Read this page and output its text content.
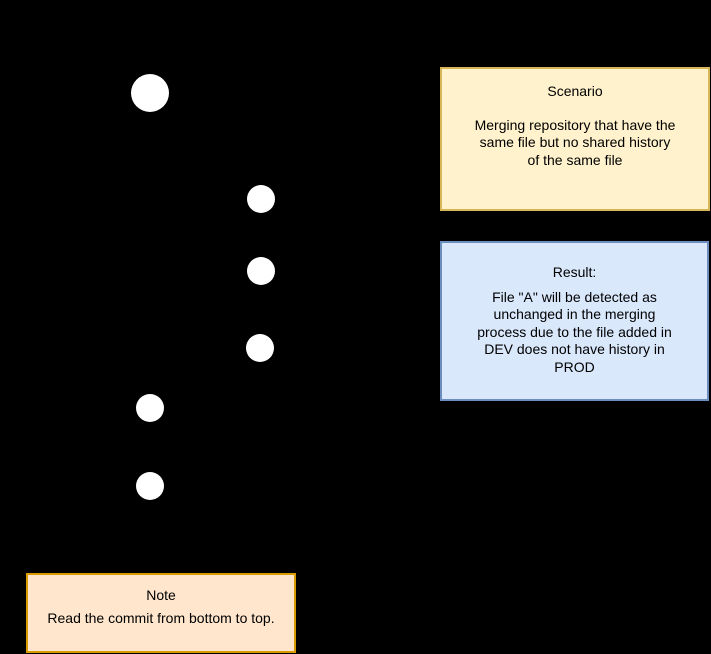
Scenario
Merging repository that have the
same file but no shared history
of the same file
Result:
File "A" will be detected as
unchanged in the merging
process due to the file added in
DEV does not have history in
PROD
Note
Read the commit from bottom to top.
